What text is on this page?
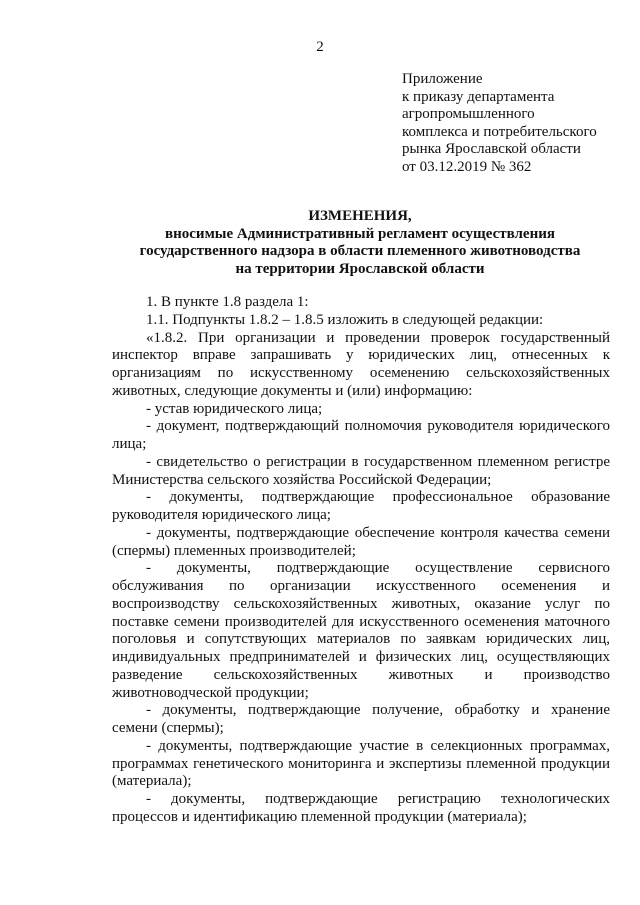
2
Приложение
к приказу департамента
агропромышленного
комплекса и потребительского
рынка Ярославской области
от 03.12.2019 № 362
ИЗМЕНЕНИЯ,
вносимые Административный регламент осуществления
государственного надзора в области племенного животноводства
на территории Ярославской области

1. В пункте 1.8 раздела 1:

1.1. Подпункты 1.8.2 – 1.8.5 изложить в следующей редакции:

«1.8.2. При организации и проведении проверок государственный инспектор вправе запрашивать у юридических лиц, отнесенных к организациям по искусственному осеменению сельскохозяйственных животных, следующие документы и (или) информацию:

- устав юридического лица;

- документ, подтверждающий полномочия руководителя юридического лица;

- свидетельство о регистрации в государственном племенном регистре Министерства сельского хозяйства Российской Федерации;

- документы, подтверждающие профессиональное образование руководителя юридического лица;

- документы, подтверждающие обеспечение контроля качества семени (спермы) племенных производителей;

- документы, подтверждающие осуществление сервисного обслуживания по организации искусственного осеменения и воспроизводству сельскохозяйственных животных, оказание услуг по поставке семени производителей для искусственного осеменения маточного поголовья и сопутствующих материалов по заявкам юридических лиц, индивидуальных предпринимателей и физических лиц, осуществляющих разведение сельскохозяйственных животных и производство животноводческой продукции;

- документы, подтверждающие получение, обработку и хранение семени (спермы);

- документы, подтверждающие участие в селекционных программах, программах генетического мониторинга и экспертизы племенной продукции (материала);

- документы, подтверждающие регистрацию технологических процессов и идентификацию племенной продукции (материала);
